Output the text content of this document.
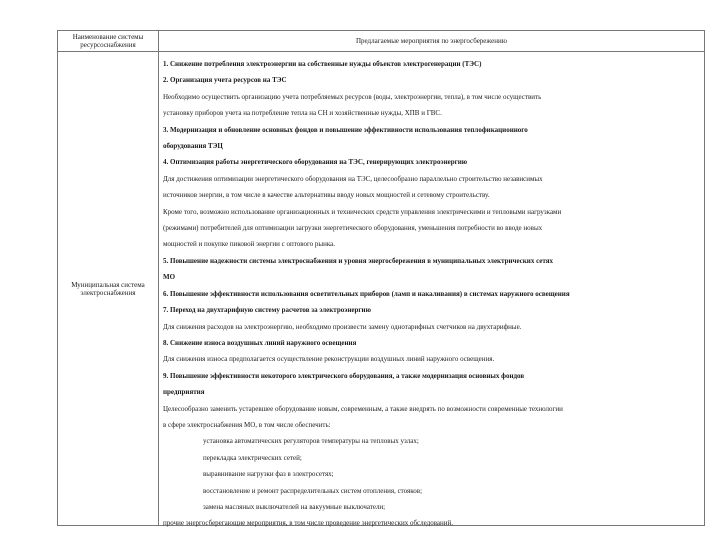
Наименование системы ресурсоснабжения	Предлагаемые мероприятия по энергосбережению
Муниципальная система электроснабжения

1. Снижение потребления электроэнергии на собственные нужды объектов электрогенерации (ТЭС)

2. Организация учета ресурсов на ТЭС

Необходимо осуществить организацию учета потребляемых ресурсов (воды, электроэнергии, тепла), в том числе осуществить

установку приборов учета на потребление тепла на СН и хозяйственные нужды, ХПВ и ГВС.

3. Модернизация и обновление основных фондов и повышение эффективности использования теплофикационного

оборудования ТЭЦ

4. Оптимизация работы энергетического оборудования на ТЭС, генерирующих электроэнергию

Для достижения оптимизации энергетического оборудования на ТЭС, целесообразно параллельно строительство независимых

источников энергии, в том числе в качестве альтернативы вводу новых мощностей и сетевому строительству.

Кроме того, возможно использование организационных и технических средств управления электрическими и тепловыми нагрузками

(режимами) потребителей для оптимизации загрузки энергетического оборудования, уменьшения потребности во вводе новых

мощностей и покупке пиковой энергии с оптового рынка.

5. Повышение надежности системы электроснабжения и уровня энергосбережения в муниципальных электрических сетях

МО

6. Повышение эффективности использования осветительных приборов (ламп и накаливания) в системах наружного освещения

7. Переход на двухтарифную систему расчетов за электроэнергию

Для снижения расходов на электроэнергию, необходимо произвести замену однотарифных счетчиков на двухтарифные.

8. Снижение износа воздушных линий наружного освещения

Для снижения износа предполагается осуществление реконструкции воздушных линий наружного освещения.

9. Повышение эффективности некоторого электрического оборудования, а также модернизация основных фондов

предприятия

Целесообразно заменить устаревшее оборудование новым, современным, а также внедрять по возможности современные технологии

в сфере электроснабжения МО, в том числе обеспечить:

установка автоматических регуляторов температуры на тепловых узлах;

перекладка электрических сетей;

выравнивание нагрузки фаз в электросетях;

восстановление и ремонт распределительных систем отопления, стояков;

замена масляных выключателей на вакуумные выключатели;

прочие энергосберегающие мероприятия, в том числе проведение энергетических обследований.
